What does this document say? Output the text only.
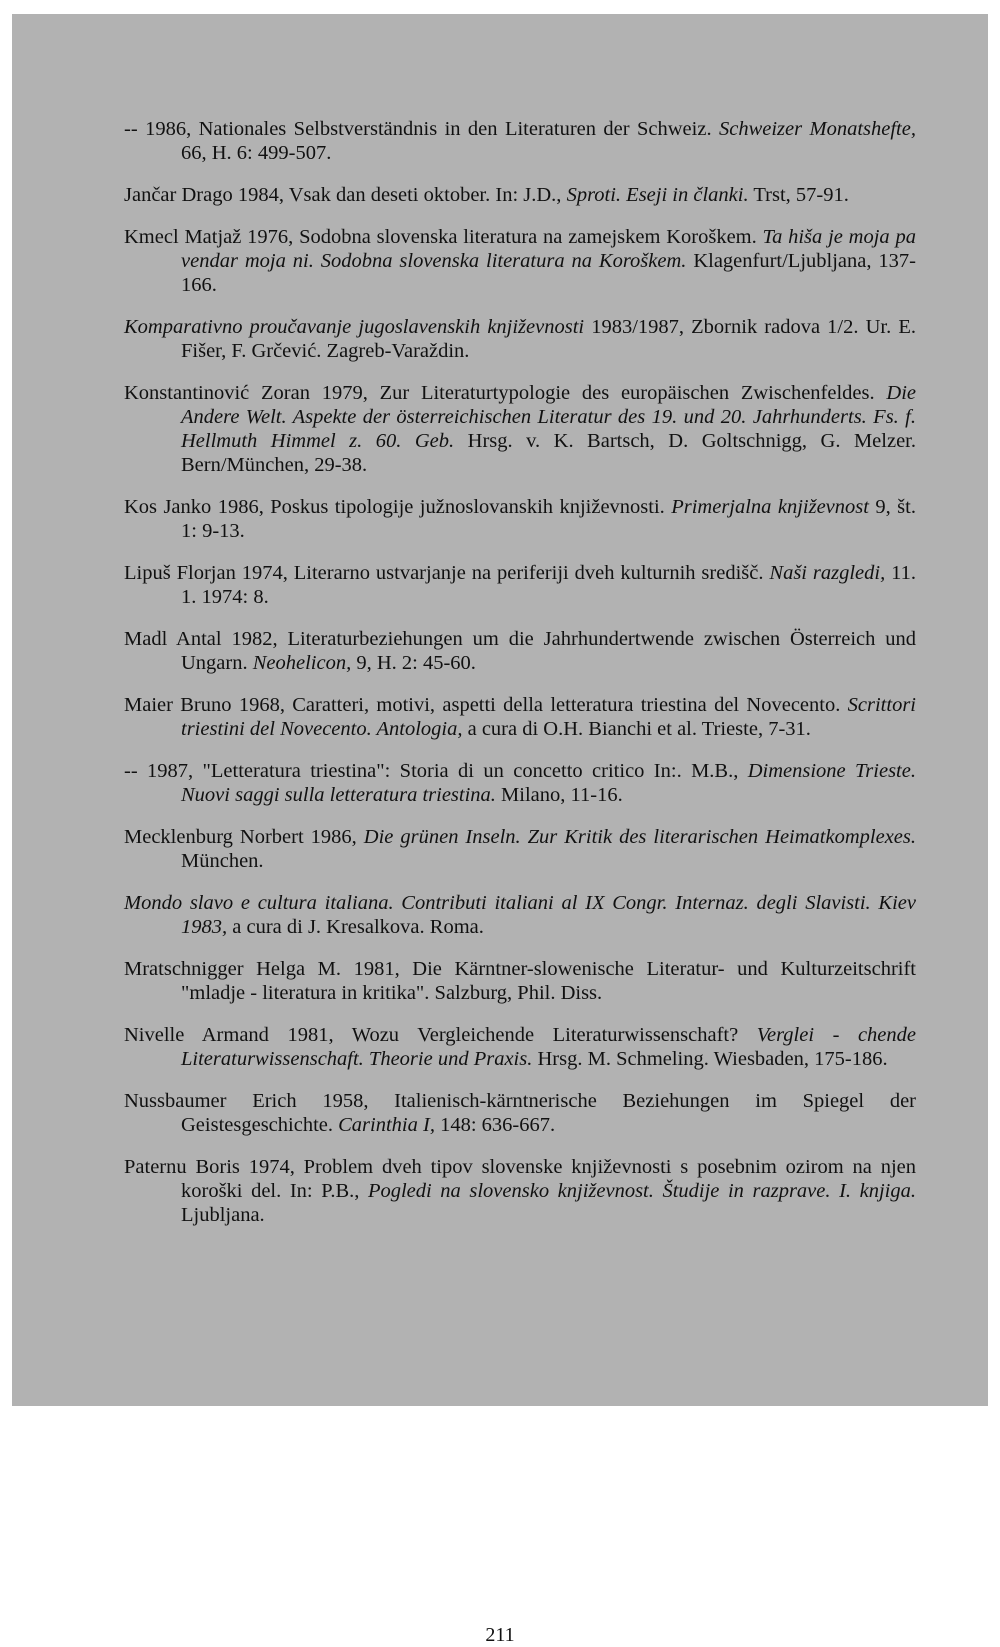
-- 1986, Nationales Selbstverständnis in den Literaturen der Schweiz. Schweizer Monatshefte, 66, H. 6: 499-507.

Jančar Drago 1984, Vsak dan deseti oktober. In: J.D., Sproti. Eseji in članki. Trst, 57-91.

Kmecl Matjaž 1976, Sodobna slovenska literatura na zamejskem Koroškem. Ta hiša je moja pa vendar moja ni. Sodobna slovenska literatura na Koroškem. Klagenfurt/Ljubljana, 137-166.

Komparativno proučavanje jugoslavenskih književnosti 1983/1987, Zbornik radova 1/2. Ur. E. Fišer, F. Grčević. Zagreb-Varaždin.

Konstantinović Zoran 1979, Zur Literaturtypologie des europäischen Zwischenfeldes. Die Andere Welt. Aspekte der österreichischen Literatur des 19. und 20. Jahrhunderts. Fs. f. Hellmuth Himmel z. 60. Geb. Hrsg. v. K. Bartsch, D. Goltschnigg, G. Melzer. Bern/München, 29-38.

Kos Janko 1986, Poskus tipologije južnoslovanskih književnosti. Primerjalna književnost 9, št. 1: 9-13.

Lipuš Florjan 1974, Literarno ustvarjanje na periferiji dveh kulturnih središč. Naši razgledi, 11. 1. 1974: 8.

Madl Antal 1982, Literaturbeziehungen um die Jahrhundertwende zwischen Österreich und Ungarn. Neohelicon, 9, H. 2: 45-60.

Maier Bruno 1968, Caratteri, motivi, aspetti della letteratura triestina del Novecento. Scrittori triestini del Novecento. Antologia, a cura di O.H. Bianchi et al. Trieste, 7-31.

-- 1987, "Letteratura triestina": Storia di un concetto critico In:. M.B., Dimensione Trieste. Nuovi saggi sulla letteratura triestina. Milano, 11-16.

Mecklenburg Norbert 1986, Die grünen Inseln. Zur Kritik des literarischen Heimatkomplexes. München.

Mondo slavo e cultura italiana. Contributi italiani al IX Congr. Internaz. degli Slavisti. Kiev 1983, a cura di J. Kresalkova. Roma.

Mratschnigger Helga M. 1981, Die Kärntner-slowenische Literatur- und Kulturzeitschrift "mladje - literatura in kritika". Salzburg, Phil. Diss.

Nivelle Armand 1981, Wozu Vergleichende Literaturwissenschaft? Verglei - chende Literaturwissenschaft. Theorie und Praxis. Hrsg. M. Schmeling. Wiesbaden, 175-186.

Nussbaumer Erich 1958, Italienisch-kärntnerische Beziehungen im Spiegel der Geistesgeschichte. Carinthia I, 148: 636-667.

Paternu Boris 1974, Problem dveh tipov slovenske književnosti s posebnim ozirom na njen koroški del. In: P.B., Pogledi na slovensko književnost. Študije in razprave. I. knjiga. Ljubljana.

211
